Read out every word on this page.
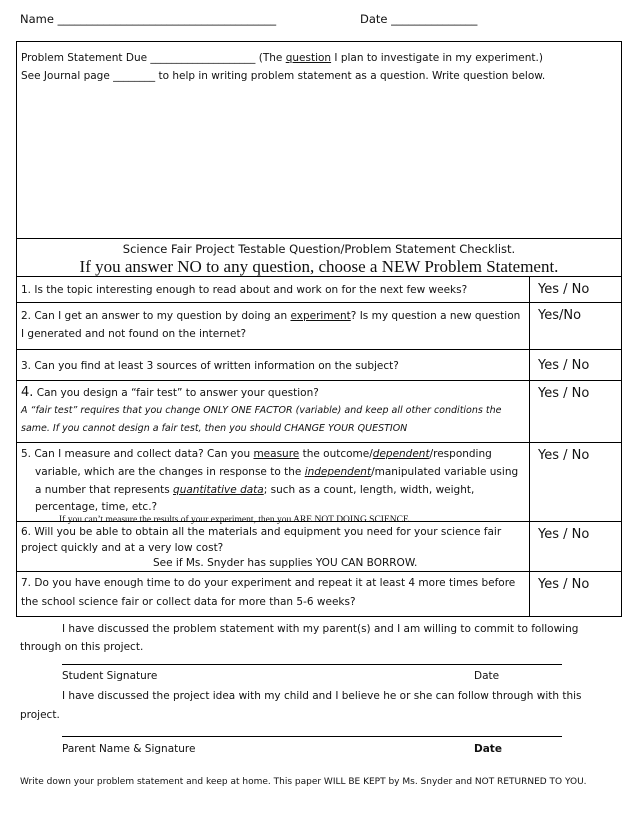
Name ______________________________________	Date _______________
Problem Statement Due ____________________ (The question I plan to investigate in my experiment.)
See Journal page ________ to help in writing problem statement as a question. Write question below.
Science Fair Project Testable Question/Problem Statement Checklist.
If you answer NO to any question, choose a NEW Problem Statement.
1. Is the topic interesting enough to read about and work on for the next few weeks?	Yes / No
2. Can I get an answer to my question by doing an experiment? Is my question a new question
I generated and not found on the internet?
Yes/No
3. Can you find at least 3 sources of written information on the subject?	Yes / No
4. Can you design a “fair test” to answer your question?
A “fair test” requires that you change ONLY ONE FACTOR (variable) and keep all other conditions the
same. If you cannot design a fair test, then you should CHANGE YOUR QUESTION
Yes / No
5. Can I measure and collect data? Can you measure the outcome/dependent/responding
variable, which are the changes in response to the independent/manipulated variable using
a number that represents quantitative data; such as a count, length, width, weight,
percentage, time, etc.?
If you can’t measure the results of your experiment, then you ARE NOT DOING SCIENCE.
Yes / No
6. Will you be able to obtain all the materials and equipment you need for your science fair
project quickly and at a very low cost?
See if Ms. Snyder has supplies YOU CAN BORROW.
Yes / No
7. Do you have enough time to do your experiment and repeat it at least 4 more times before
the school science fair or collect data for more than 5-6 weeks?
Yes / No
I have discussed the problem statement with my parent(s) and I am willing to commit to following
through on this project.
Student Signature	Date
I have discussed the project idea with my child and I believe he or she can follow through with this
project.
Parent Name & Signature	Date
Write down your problem statement and keep at home. This paper WILL BE KEPT by Ms. Snyder and NOT RETURNED TO YOU.
